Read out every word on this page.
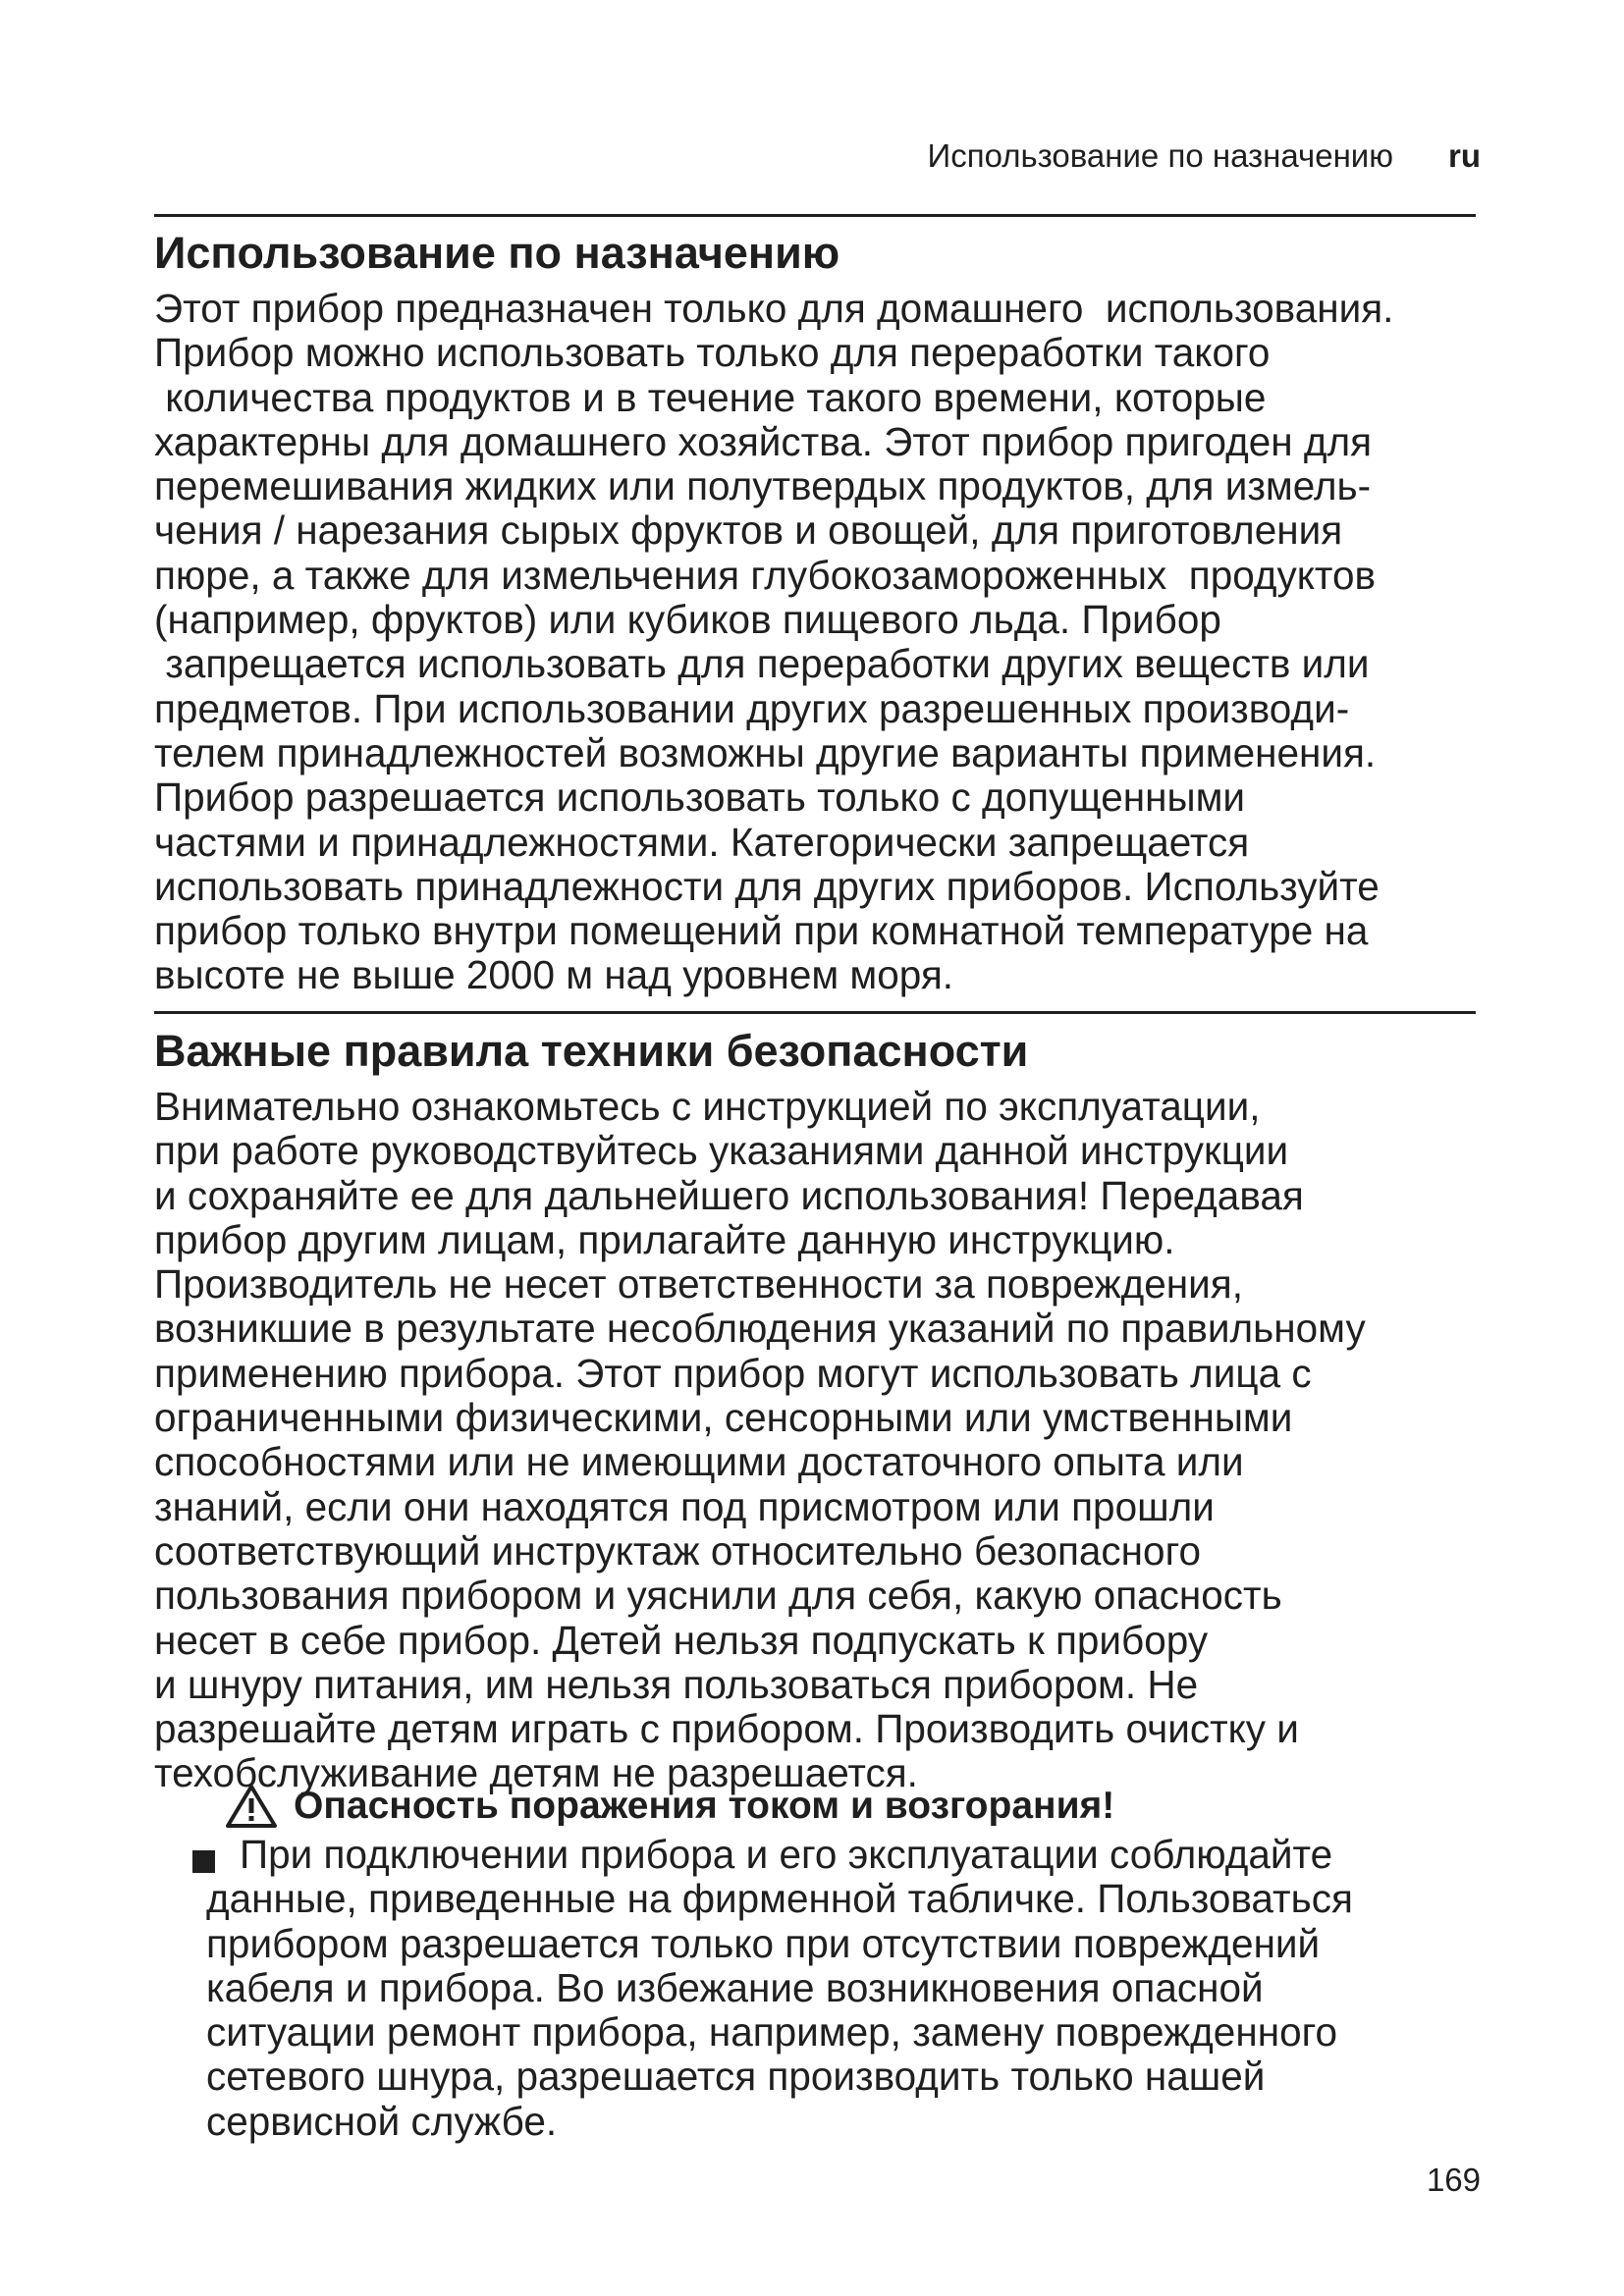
Использование по назначению ru
Использование по назначению
Этот прибор предназначен только для домашнего  использования.
Прибор можно использовать только для переработки такого
количества продуктов и в течение такого времени, которые
характерны для домашнего хозяйства. Этот прибор пригоден для
перемешивания жидких или полутвердых продуктов, для измель-
чения / нарезания сырых фруктов и овощей, для приготовления
пюре, а также для измельчения глубокозамороженных  продуктов
(например, фруктов) или кубиков пищевого льда. Прибор
запрещается использовать для переработки других веществ или
предметов. При использовании других разрешенных производи-
телем принадлежностей возможны другие варианты применения.
Прибор разрешается использовать только с допущенными
частями и принадлежностями. Категорически запрещается
использовать принадлежности для других приборов. Используйте
прибор только внутри помещений при комнатной температуре на
высоте не выше 2000 м над уровнем моря.
Важные правила техники безопасности
Внимательно ознакомьтесь с инструкцией по эксплуатации,
при работе руководствуйтесь указаниями данной инструкции
и сохраняйте ее для дальнейшего использования! Передавая
прибор другим лицам, прилагайте данную инструкцию.
Производитель не несет ответственности за повреждения,
возникшие в результате несоблюдения указаний по правильному
применению прибора. Этот прибор могут использовать лица с
ограниченными физическими, сенсорными или умственными
способностями или не имеющими достаточного опыта или
знаний, если они находятся под присмотром или прошли
соответствующий инструктаж относительно безопасного
пользования прибором и уяснили для себя, какую опасность
несет в себе прибор. Детей нельзя подпускать к прибору
и шнуру питания, им нельзя пользоваться прибором. Не
разрешайте детям играть с прибором. Производить очистку и
техобслуживание детям не разрешается.
Опасность поражения током и возгорания!
При подключении прибора и его эксплуатации соблюдайте
данные, приведенные на фирменной табличке. Пользоваться
прибором разрешается только при отсутствии повреждений
кабеля и прибора. Во избежание возникновения опасной
ситуации ремонт прибора, например, замену поврежденного
сетевого шнура, разрешается производить только нашей
сервисной службе.
169
